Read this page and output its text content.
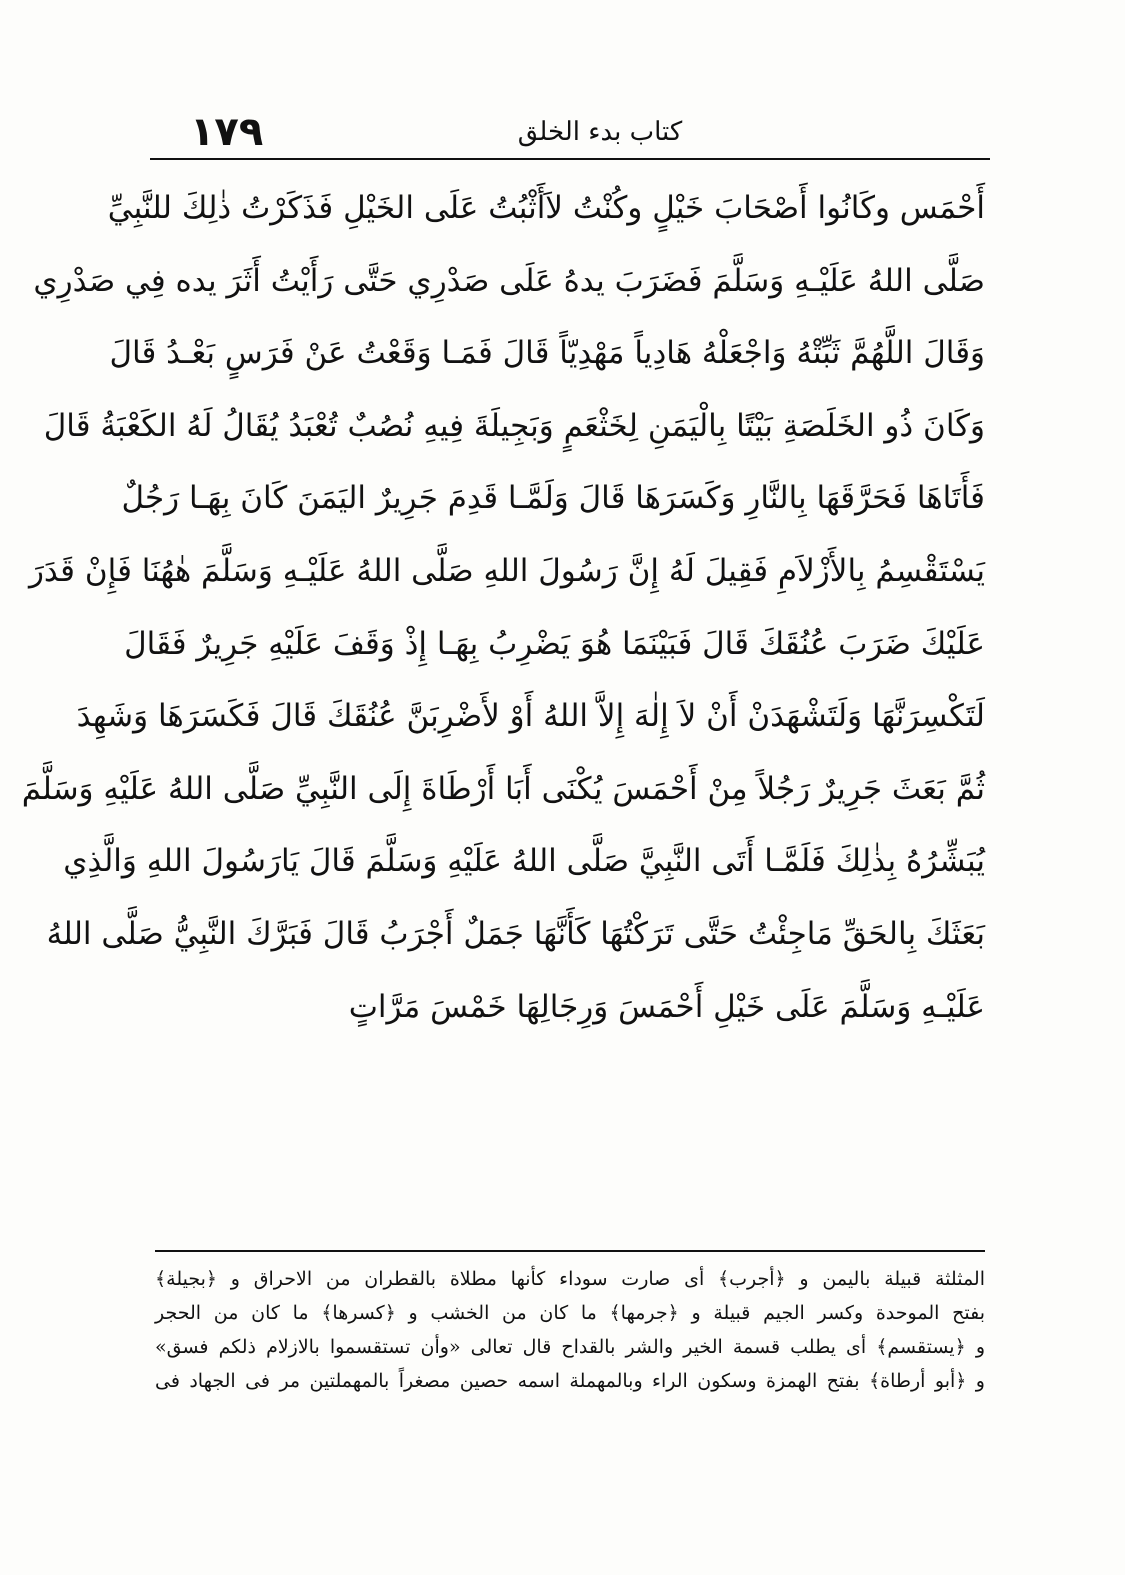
١٧٩	كتاب بدء الخلق
أَحْمَس وكَانُوا أَصْحَابَ خَيْلٍ وكُنْتُ لاَأَثْبُتُ عَلَى الخَيْلِ فَذَكَرْتُ ذٰلِكَ للنَّبِيِّ
صَلَّى اللهُ عَلَيْـهِ وَسَلَّمَ فَضَرَبَ يدهُ عَلَى صَدْرِي حَتَّى رَأَيْتُ أَثَرَ يده فِي صَدْرِي
وَقَالَ اللَّهُمَّ ثَبِّتْهُ وَاجْعَلْهُ هَادِياً مَهْدِيّاً قَالَ فَمَـا وَقَعْتُ عَنْ فَرَسٍ بَعْـدُ قَالَ
وَكَانَ ذُو الخَلَصَةِ بَيْتًا بِالْيَمَنِ لِخَثْعَمٍ وَبَجِيلَةَ فِيهِ نُصُبٌ تُعْبَدُ يُقَالُ لَهُ الكَعْبَةُ قَالَ
فَأَتَاهَا فَحَرَّقَهَا بِالنَّارِ وَكَسَرَهَا قَالَ وَلَمَّـا قَدِمَ جَرِيرٌ اليَمَنَ كَانَ بِهَـا رَجُلٌ
يَسْتَقْسِمُ بِالأَزْلاَمِ فَقِيلَ لَهُ إِنَّ رَسُولَ اللهِ صَلَّى اللهُ عَلَيْـهِ وَسَلَّمَ هٰهُنَا فَإِنْ قَدَرَ
عَلَيْكَ ضَرَبَ عُنُقَكَ قَالَ فَبَيْنَمَا هُوَ يَضْرِبُ بِهَـا إِذْ وَقَفَ عَلَيْهِ جَرِيرٌ فَقَالَ
لَتَكْسِرَنَّهَا وَلَتَشْهَدَنْ أَنْ لاَ إِلٰهَ إِلاَّ اللهُ أَوْ لأَضْرِبَنَّ عُنُقَكَ قَالَ فَكَسَرَهَا وَشَهِدَ
ثُمَّ بَعَثَ جَرِيرٌ رَجُلاً مِنْ أَحْمَسَ يُكْنَى أَبَا أَرْطَاةَ إِلَى النَّبِيِّ صَلَّى اللهُ عَلَيْهِ وَسَلَّمَ
يُبَشِّرُهُ بِذٰلِكَ فَلَمَّـا أَتَى النَّبِيَّ صَلَّى اللهُ عَلَيْهِ وَسَلَّمَ قَالَ يَارَسُولَ اللهِ وَالَّذِي
بَعَثَكَ بِالحَقِّ مَاجِئْتُ حَتَّى تَرَكْتُهَا كَأَنَّهَا جَمَلٌ أَجْرَبُ قَالَ فَبَرَّكَ النَّبِيُّ صَلَّى اللهُ
عَلَيْـهِ وَسَلَّمَ عَلَى خَيْلِ أَحْمَسَ وَرِجَالِهَا خَمْسَ مَرَّاتٍ
المثلثة قبيلة باليمن و ﴿أجرب﴾ أى صارت سوداء كأنها مطلاة بالقطران من الاحراق و ﴿بجيلة﴾
بفتح الموحدة وكسر الجيم قبيلة و ﴿جرمها﴾ ما كان من الخشب و ﴿كسرها﴾ ما كان من الحجر
و ﴿يستقسم﴾ أى يطلب قسمة الخير والشر بالقداح قال تعالى «وأن تستقسموا بالازلام ذلكم فسق»
و ﴿أبو أرطاة﴾ بفتح الهمزة وسكون الراء وبالمهملة اسمه حصين مصغراً بالمهملتين مر فى الجهاد فى
